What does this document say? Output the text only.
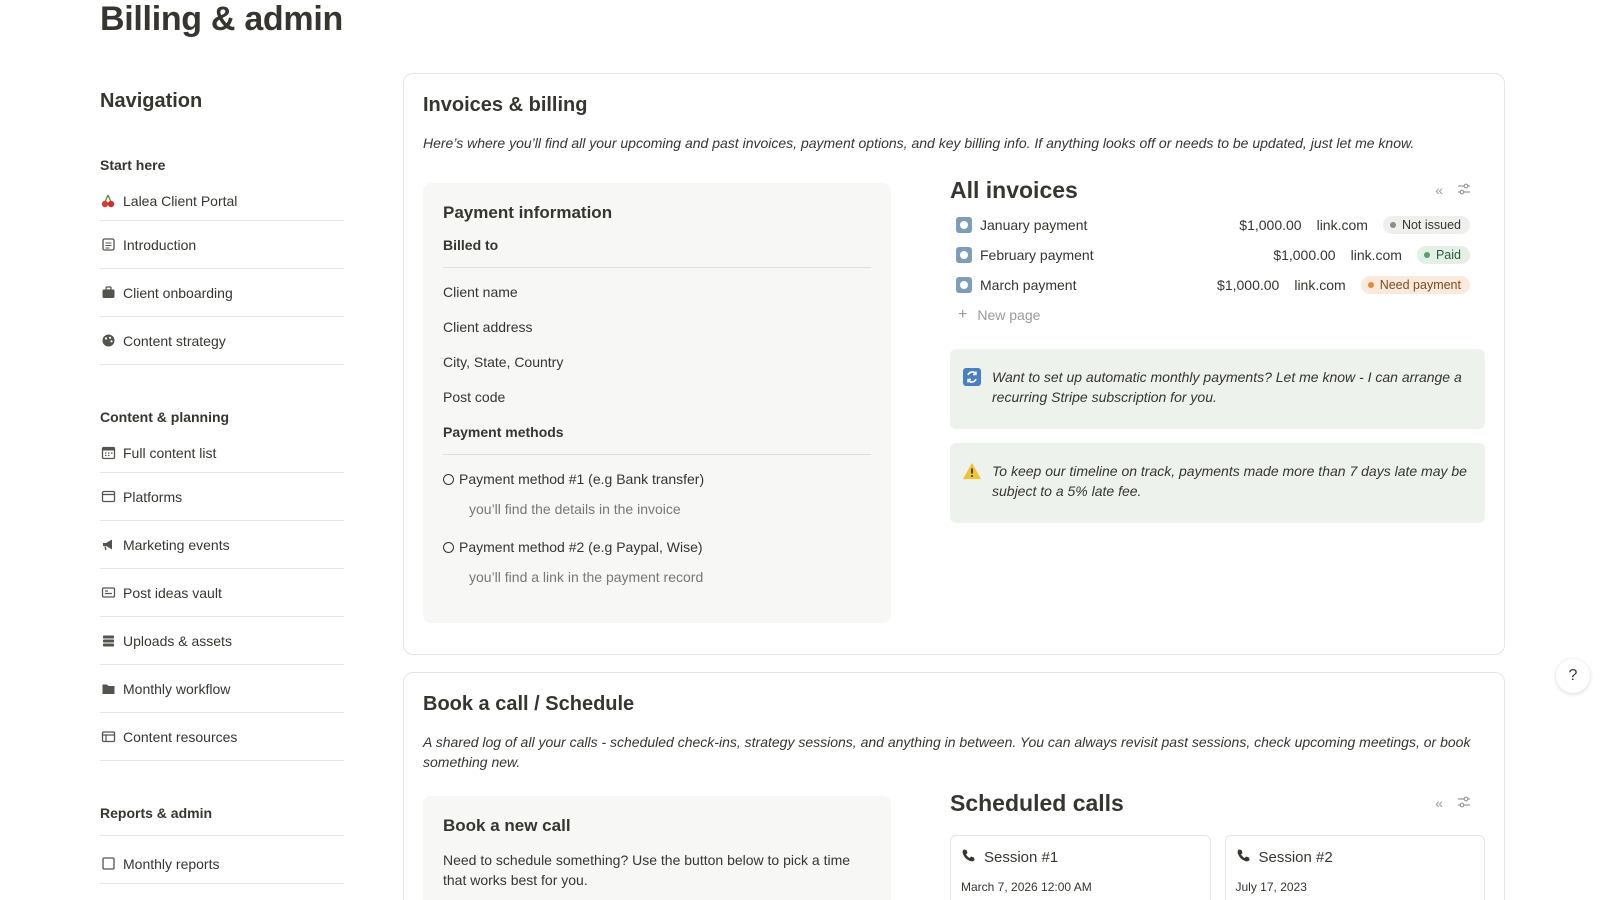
Billing & admin
Navigation
Start here
Lalea Client Portal
Introduction
Client onboarding
Content strategy
Content & planning
Full content list
Platforms
Marketing events
Post ideas vault
Uploads & assets
Monthly workflow
Content resources
Reports & admin
Monthly reports
Invoices & billing

Here’s where you’ll find all your upcoming and past invoices, payment options, and key billing info. If anything looks off or needs to be updated, just let me know.

Payment information
Billed to
Client name
Client address
City, State, Country
Post code
Payment methods
Payment method #1 (e.g Bank transfer)
you’ll find the details in the invoice
Payment method #2 (e.g Paypal, Wise)
you’ll find a link in the payment record
All invoices	«
January payment	$1,000.00 link.com	Not issued
February payment	$1,000.00 link.com	Paid
March payment	$1,000.00 link.com	Need payment
+ New page
Want to set up automatic monthly payments? Let me know - I can arrange a recurring Stripe subscription for you.
To keep our timeline on track, payments made more than 7 days late may be subject to a 5% late fee.
Book a call / Schedule

A shared log of all your calls - scheduled check-ins, strategy sessions, and anything in between. You can always revisit past sessions, check upcoming meetings, or book something new.

Book a new call
Need to schedule something? Use the button below to pick a time that works best for you.
Scheduled calls	«
Session #1
March 7, 2026 12:00 AM
Session #2
July 17, 2023
?
